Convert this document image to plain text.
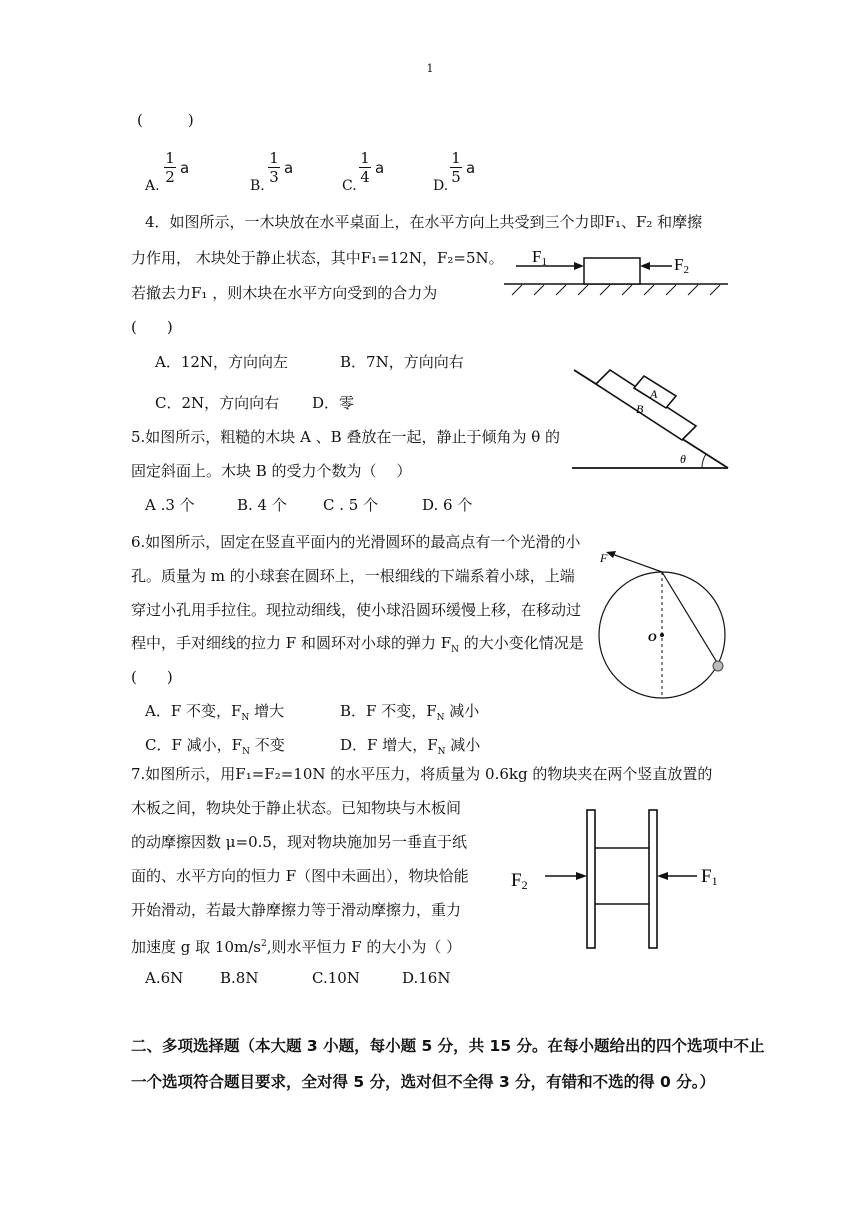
1
(　　　)
A.
1
2 a
B.
1
3 a
C.
1
4 a
D.
1
5 a
4．如图所示，一木块放在水平桌面上，在水平方向上共受到三个力即F₁、F₂ 和摩擦
力作用， 木块处于静止状态，其中F₁=12N，F₂=5N。
若撤去力F₁ ，则木块在水平方向受到的合力为
(　　)
A．12N，方向向左	B．7N，方向向右
C．2N，方向向右 D．零
F1	F2
5.如图所示，粗糙的木块 A 、B 叠放在一起，静止于倾角为 θ 的
固定斜面上。木块 B 的受力个数为（　 ）
A .3 个	B. 4 个 C . 5 个	D. 6 个
A
B
θ
6.如图所示，固定在竖直平面内的光滑圆环的最高点有一个光滑的小
孔。质量为 m 的小球套在圆环上，一根细线的下端系着小球，上端
穿过小孔用手拉住。现拉动细线，使小球沿圆环缓慢上移，在移动过
程中，手对细线的拉力 F 和圆环对小球的弹力 $F_N$ 的大小变化情况是
(　　)
A．F 不变，$F_N$ 增大	B．F 不变，$F_N$ 减小
C．F 减小，$F_N$ 不变	D．F 增大，$F_N$ 减小
F
O
7.如图所示，用F₁=F₂=10N 的水平压力，将质量为 0.6kg 的物块夹在两个竖直放置的
木板之间，物块处于静止状态。已知物块与木板间
的动摩擦因数 μ=0.5，现对物块施加另一垂直于纸
面的、水平方向的恒力 F（图中未画出），物块恰能
开始滑动，若最大静摩擦力等于滑动摩擦力，重力
加速度 g 取 $10m/s^2$,则水平恒力 F 的大小为（ ）
A.6N B.8N	C.10N	D.16N
F2	F1
二、多项选择题（本大题 3 小题，每小题 5 分，共 15 分。在每小题给出的四个选项中不止
一个选项符合题目要求，全对得 5 分，选对但不全得 3 分，有错和不选的得 0 分。）
